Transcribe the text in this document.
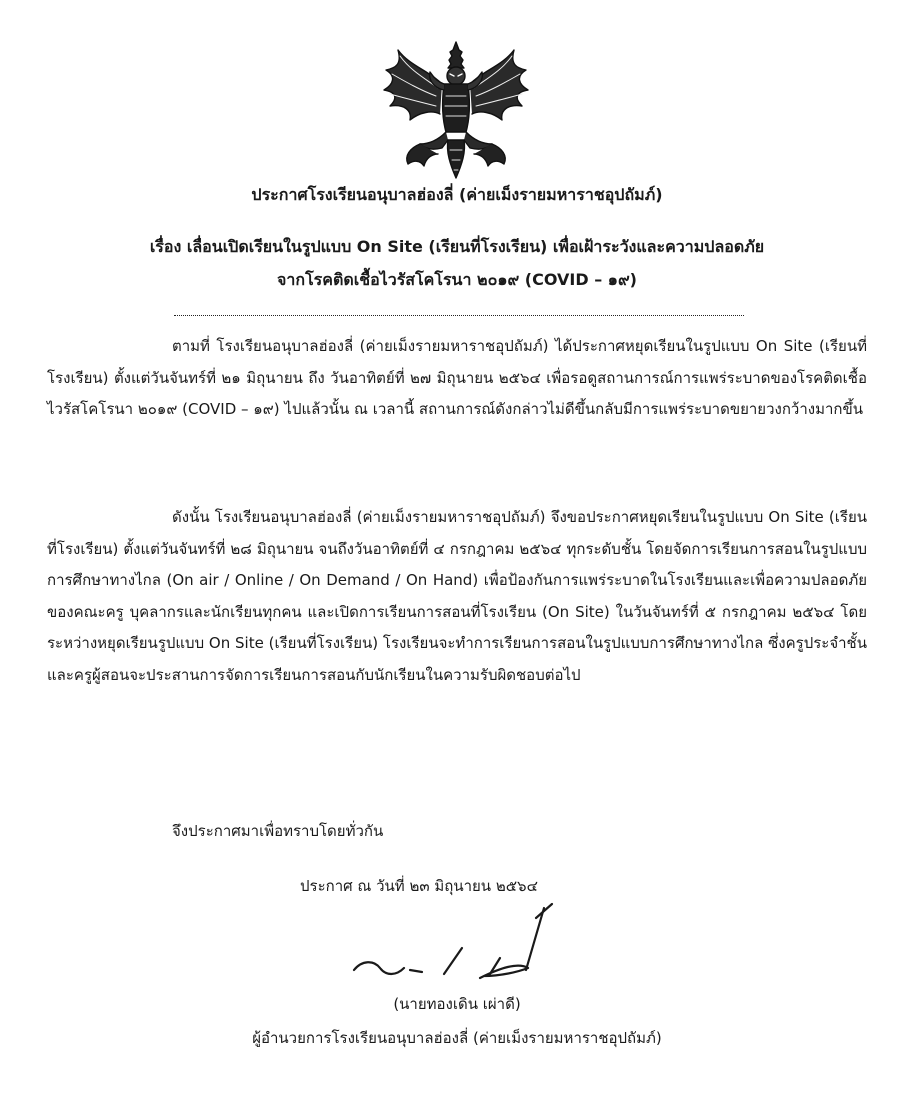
ประกาศโรงเรียนอนุบาลฮ่องลี่ (ค่ายเม็งรายมหาราชอุปถัมภ์)
เรื่อง เลื่อนเปิดเรียนในรูปแบบ On Site (เรียนที่โรงเรียน) เพื่อเฝ้าระวังและความปลอดภัย
จากโรคติดเชื้อไวรัสโคโรนา ๒๐๑๙ (COVID – ๑๙)

ตามที่ โรงเรียนอนุบาลฮ่องลี่ (ค่ายเม็งรายมหาราชอุปถัมภ์) ได้ประกาศหยุดเรียนในรูปแบบ On Site (เรียนที่โรงเรียน) ตั้งแต่วันจันทร์ที่ ๒๑ มิถุนายน ถึง วันอาทิตย์ที่ ๒๗ มิถุนายน ๒๕๖๔ เพื่อรอดูสถานการณ์การแพร่ระบาดของโรคติดเชื้อไวรัสโคโรนา ๒๐๑๙ (COVID – ๑๙) ไปแล้วนั้น ณ เวลานี้ สถานการณ์ดังกล่าวไม่ดีขึ้นกลับมีการแพร่ระบาดขยายวงกว้างมากขึ้น

ดังนั้น โรงเรียนอนุบาลฮ่องลี่ (ค่ายเม็งรายมหาราชอุปถัมภ์) จึงขอประกาศหยุดเรียนในรูปแบบ On Site (เรียนที่โรงเรียน) ตั้งแต่วันจันทร์ที่ ๒๘ มิถุนายน จนถึงวันอาทิตย์ที่ ๔ กรกฎาคม ๒๕๖๔ ทุกระดับชั้น โดยจัดการเรียนการสอนในรูปแบบการศึกษาทางไกล (On air / Online / On Demand / On Hand) เพื่อป้องกันการแพร่ระบาดในโรงเรียนและเพื่อความปลอดภัยของคณะครู บุคลากรและนักเรียนทุกคน และเปิดการเรียนการสอนที่โรงเรียน (On Site) ในวันจันทร์ที่ ๕ กรกฎาคม ๒๕๖๔ โดยระหว่างหยุดเรียนรูปแบบ On Site (เรียนที่โรงเรียน) โรงเรียนจะทำการเรียนการสอนในรูปแบบการศึกษาทางไกล ซึ่งครูประจำชั้นและครูผู้สอนจะประสานการจัดการเรียนการสอนกับนักเรียนในความรับผิดชอบต่อไป

จึงประกาศมาเพื่อทราบโดยทั่วกัน
ประกาศ ณ วันที่ ๒๓ มิถุนายน ๒๕๖๔
(นายทองเดิน เผ่าดี)
ผู้อำนวยการโรงเรียนอนุบาลฮ่องลี่ (ค่ายเม็งรายมหาราชอุปถัมภ์)
